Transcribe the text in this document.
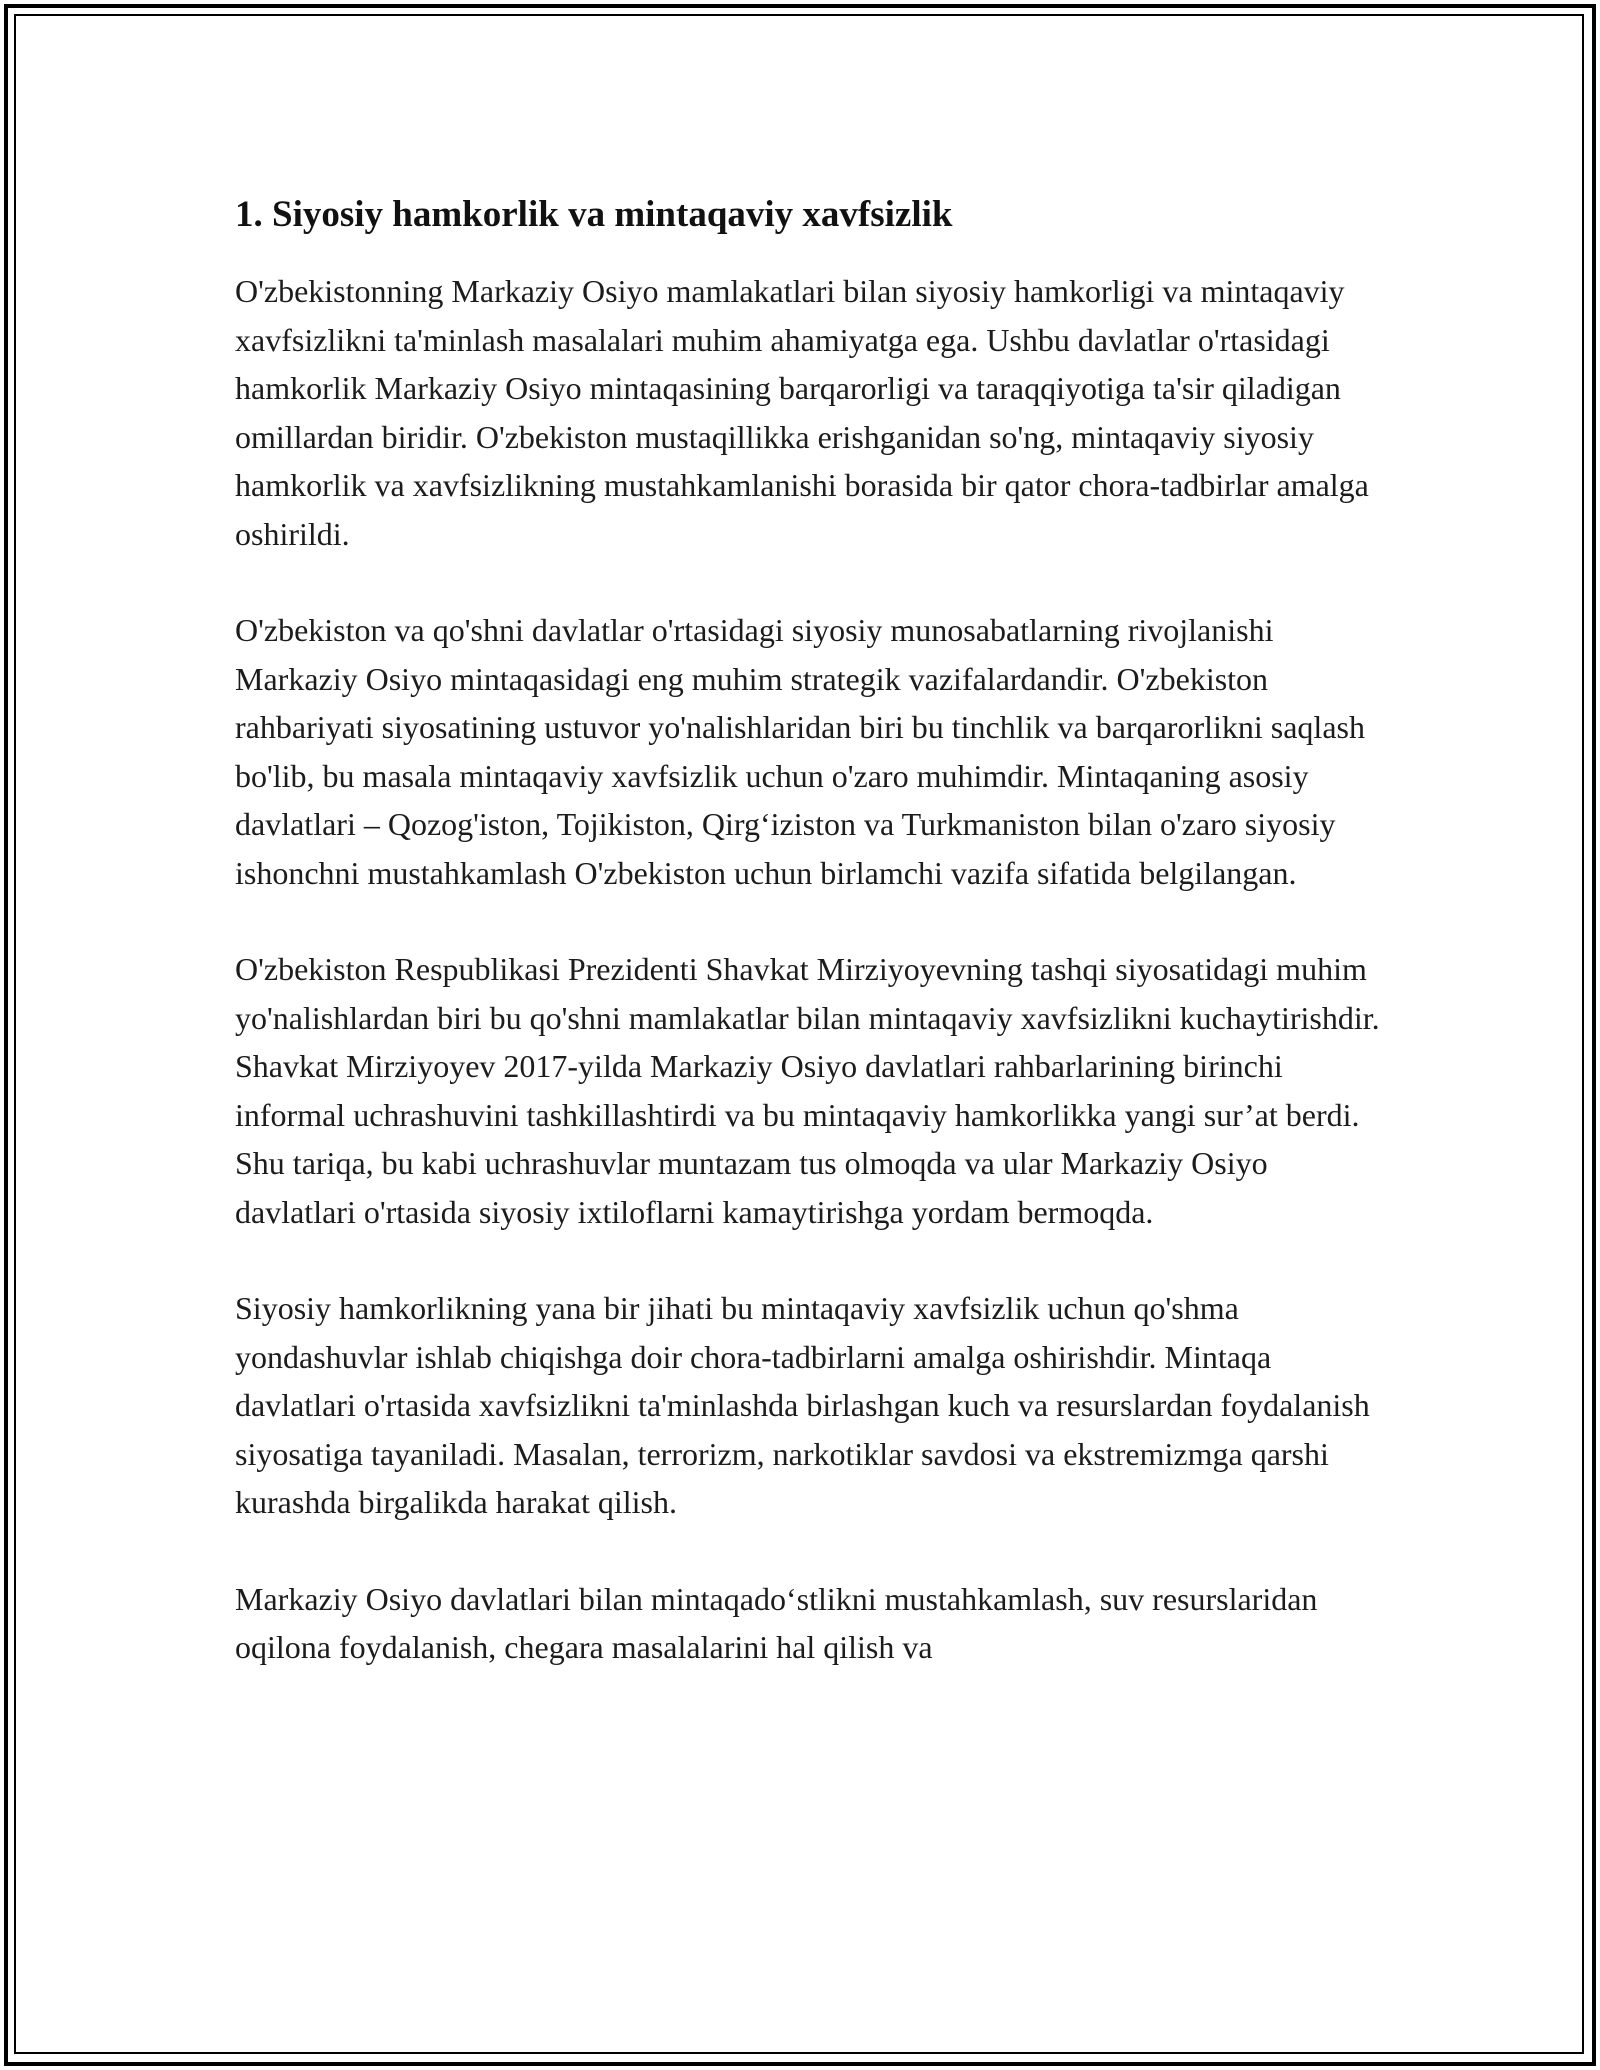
1. Siyosiy hamkorlik va mintaqaviy xavfsizlik

O'zbekistonning Markaziy Osiyo mamlakatlari bilan siyosiy hamkorligi va mintaqaviy xavfsizlikni ta'minlash masalalari muhim ahamiyatga ega. Ushbu davlatlar o'rtasidagi hamkorlik Markaziy Osiyo mintaqasining barqarorligi va taraqqiyotiga ta'sir qiladigan omillardan biridir. O'zbekiston mustaqillikka erishganidan so'ng, mintaqaviy siyosiy hamkorlik va xavfsizlikning mustahkamlanishi borasida bir qator chora-tadbirlar amalga oshirildi.

O'zbekiston va qo'shni davlatlar o'rtasidagi siyosiy munosabatlarning rivojlanishi Markaziy Osiyo mintaqasidagi eng muhim strategik vazifalardandir. O'zbekiston rahbariyati siyosatining ustuvor yo'nalishlaridan biri bu tinchlik va barqarorlikni saqlash bo'lib, bu masala mintaqaviy xavfsizlik uchun o'zaro muhimdir. Mintaqaning asosiy davlatlari – Qozog'iston, Tojikiston, Qirg‘iziston va Turkmaniston bilan o'zaro siyosiy ishonchni mustahkamlash O'zbekiston uchun birlamchi vazifa sifatida belgilangan.

O'zbekiston Respublikasi Prezidenti Shavkat Mirziyoyevning tashqi siyosatidagi muhim yo'nalishlardan biri bu qo'shni mamlakatlar bilan mintaqaviy xavfsizlikni kuchaytirishdir. Shavkat Mirziyoyev 2017-yilda Markaziy Osiyo davlatlari rahbarlarining birinchi informal uchrashuvini tashkillashtirdi va bu mintaqaviy hamkorlikka yangi sur’at berdi. Shu tariqa, bu kabi uchrashuvlar muntazam tus olmoqda va ular Markaziy Osiyo davlatlari o'rtasida siyosiy ixtiloflarni kamaytirishga yordam bermoqda.

Siyosiy hamkorlikning yana bir jihati bu mintaqaviy xavfsizlik uchun qo'shma yondashuvlar ishlab chiqishga doir chora-tadbirlarni amalga oshirishdir. Mintaqa davlatlari o'rtasida xavfsizlikni ta'minlashda birlashgan kuch va resurslardan foydalanish siyosatiga tayaniladi. Masalan, terrorizm, narkotiklar savdosi va ekstremizmga qarshi kurashda birgalikda harakat qilish.

Markaziy Osiyo davlatlari bilan mintaqado‘stlikni mustahkamlash, suv resurslaridan oqilona foydalanish, chegara masalalarini hal qilish va
